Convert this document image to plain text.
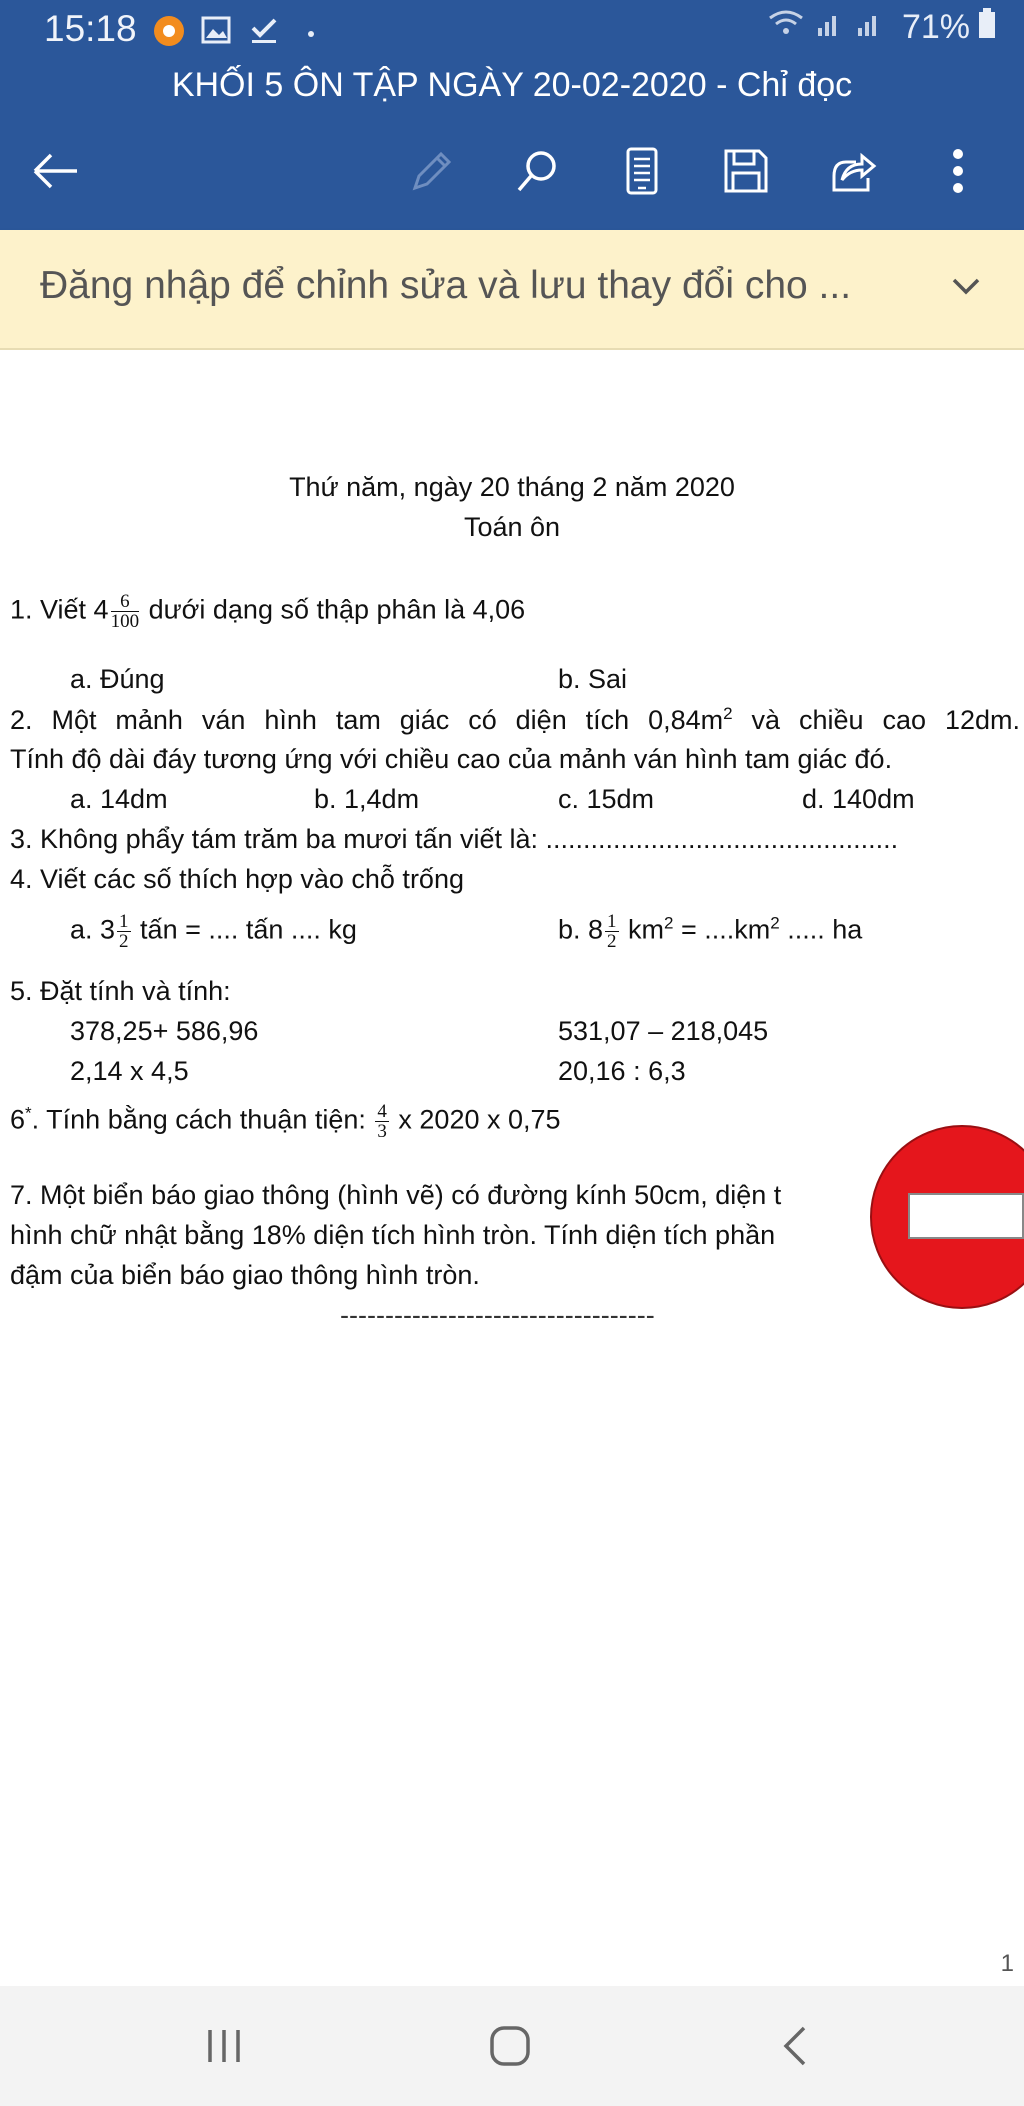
15:18	71%
KHỐI 5 ÔN TẬP NGÀY 20-02-2020 - Chỉ đọc
Đăng nhập để chỉnh sửa và lưu thay đổi cho ...
Thứ năm, ngày 20 tháng 2 năm 2020
Toán ôn
1. Viết $4 \frac{6}{100}$ dưới dạng số thập phân là 4,06
a. Đúng	b. Sai
2. Một mảnh ván hình tam giác có diện tích $0,84m^2$ và chiều cao 12dm.
Tính độ dài đáy tương ứng với chiều cao của mảnh ván hình tam giác đó.
a. 14dm	b. 1,4dm	c. 15dm	d. 140dm
3. Không phẩy tám trăm ba mươi tấn viết là: ...............................................
4. Viết các số thích hợp vào chỗ trống
a. $3 \frac{1}{2}$ tấn = .... tấn .... kg	b. $8 \frac{1}{2} km^2 = ....km^2$ ..... ha
5. Đặt tính và tính:
378,25+ 586,96	531,07 – 218,045
2,14 x 4,5	20,16 : 6,3
6*. Tính bằng cách thuận tiện: $\frac{4}{3}$ x 2020 x 0,75
7. Một biển báo giao thông (hình vẽ) có đường kính 50cm, diện t
hình chữ nhật bằng 18% diện tích hình tròn. Tính diện tích phần
đậm của biển báo giao thông hình tròn.
-----------------------------------
1
